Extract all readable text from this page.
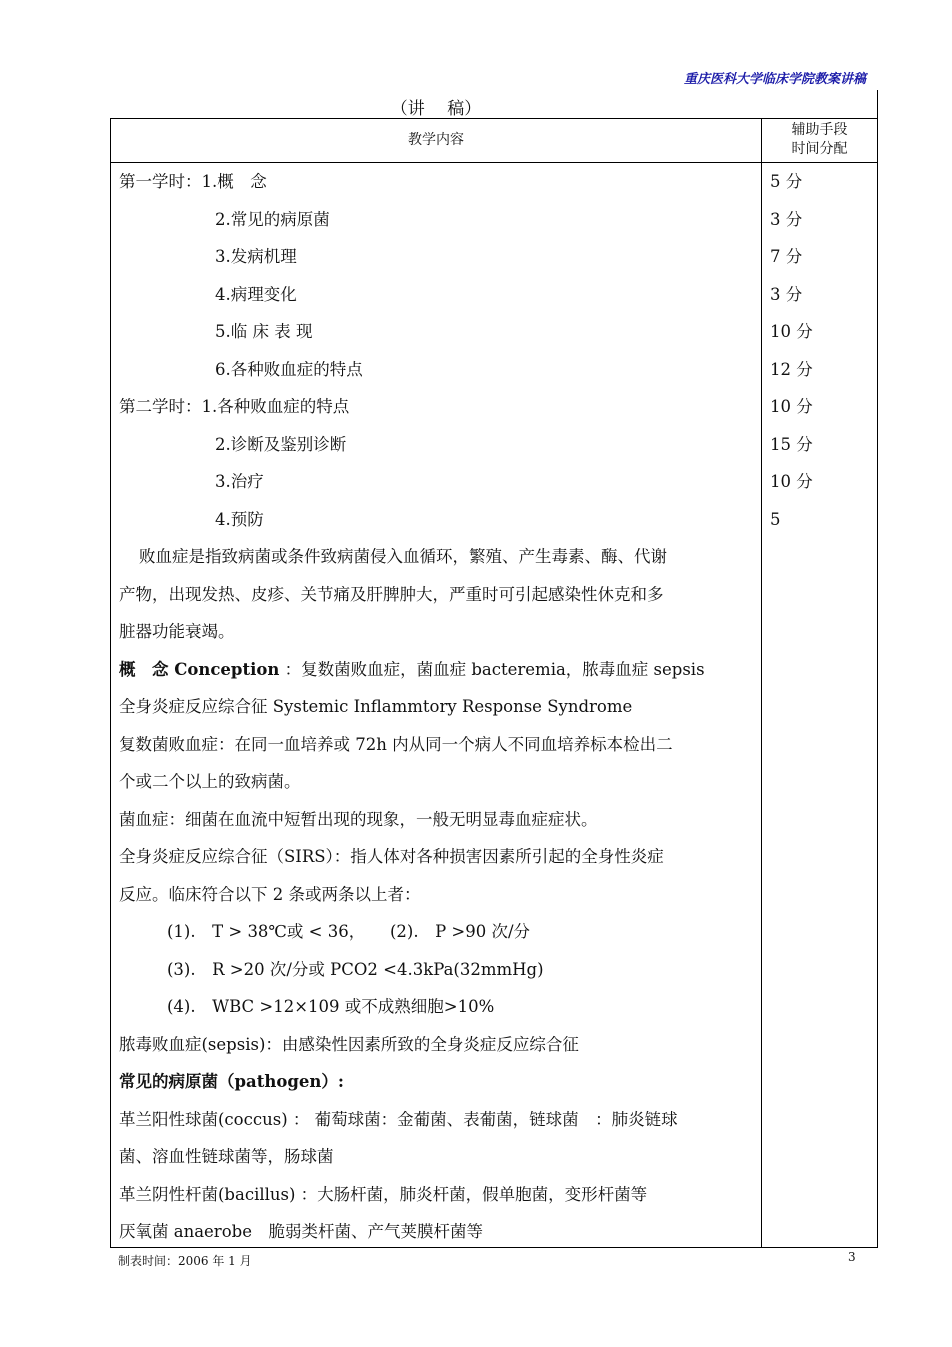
重庆医科大学临床学院教案讲稿
（讲　 稿）
教学内容
辅助手段
时间分配
第一学时：1.概　念
2.常见的病原菌
3.发病机理
4.病理变化
5.临 床 表 现
6.各种败血症的特点
第二学时：1.各种败血症的特点
2.诊断及鉴别诊断
3.治疗
4.预防
败血症是指致病菌或条件致病菌侵入血循环，繁殖、产生毒素、酶、代谢
产物，出现发热、皮疹、关节痛及肝脾肿大，严重时可引起感染性休克和多
脏器功能衰竭。
概　念 Conception ：复数菌败血症，菌血症 bacteremia，脓毒血症 sepsis
全身炎症反应综合征 Systemic Inflammtory Response Syndrome
复数菌败血症：在同一血培养或 72h 内从同一个病人不同血培养标本检出二
个或二个以上的致病菌。
菌血症：细菌在血流中短暂出现的现象，一般无明显毒血症症状。
全身炎症反应综合征（SIRS）：指人体对各种损害因素所引起的全身性炎症
反应。临床符合以下 2 条或两条以上者：
(1).　T > 38℃或 < 36，　　(2).　P >90 次/分
(3).　R >20 次/分或 PCO2 <4.3kPa(32mmHg)
(4).　WBC >12×109 或不成熟细胞>10%
脓毒败血症(sepsis)：由感染性因素所致的全身炎症反应综合征
常见的病原菌（pathogen）:
革兰阳性球菌(coccus) ： 葡萄球菌：金葡菌、表葡菌，链球菌　：肺炎链球
菌、溶血性链球菌等，肠球菌
革兰阴性杆菌(bacillus) ：大肠杆菌，肺炎杆菌，假单胞菌，变形杆菌等
厌氧菌 anaerobe　脆弱类杆菌、产气荚膜杆菌等
5 分
3 分
7 分
3 分
10 分
12 分
10 分
15 分
10 分
5
制表时间：2006 年 1 月	3
